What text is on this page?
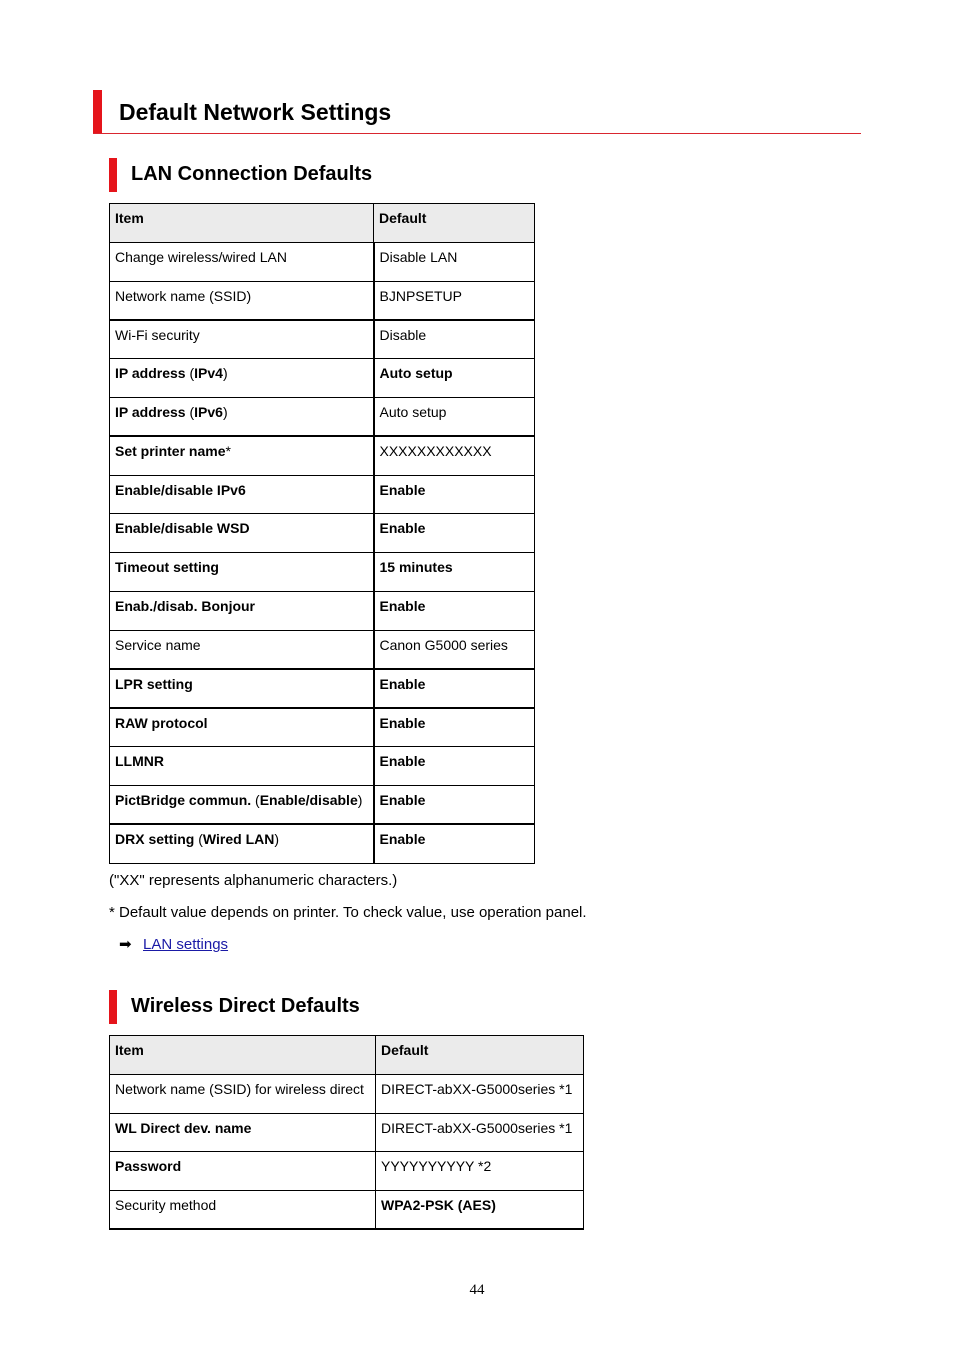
Default Network Settings
LAN Connection Defaults
Item	Default
Change wireless/wired LAN	Disable LAN
Network name (SSID)	BJNPSETUP
Wi-Fi security	Disable
IP address (IPv4)	Auto setup
IP address (IPv6)	Auto setup
Set printer name*	XXXXXXXXXXXX
Enable/disable IPv6	Enable
Enable/disable WSD	Enable
Timeout setting	15 minutes
Enab./disab. Bonjour	Enable
Service name	Canon G5000 series
LPR setting	Enable
RAW protocol	Enable
LLMNR	Enable
PictBridge commun. (Enable/disable)	Enable
DRX setting (Wired LAN)	Enable
("XX" represents alphanumeric characters.)
* Default value depends on printer. To check value, use operation panel.
➡ LAN settings
Wireless Direct Defaults
Item	Default
Network name (SSID) for wireless direct	DIRECT-abXX-G5000series *1
WL Direct dev. name	DIRECT-abXX-G5000series *1
Password	YYYYYYYYYY *2
Security method	WPA2-PSK (AES)
44
